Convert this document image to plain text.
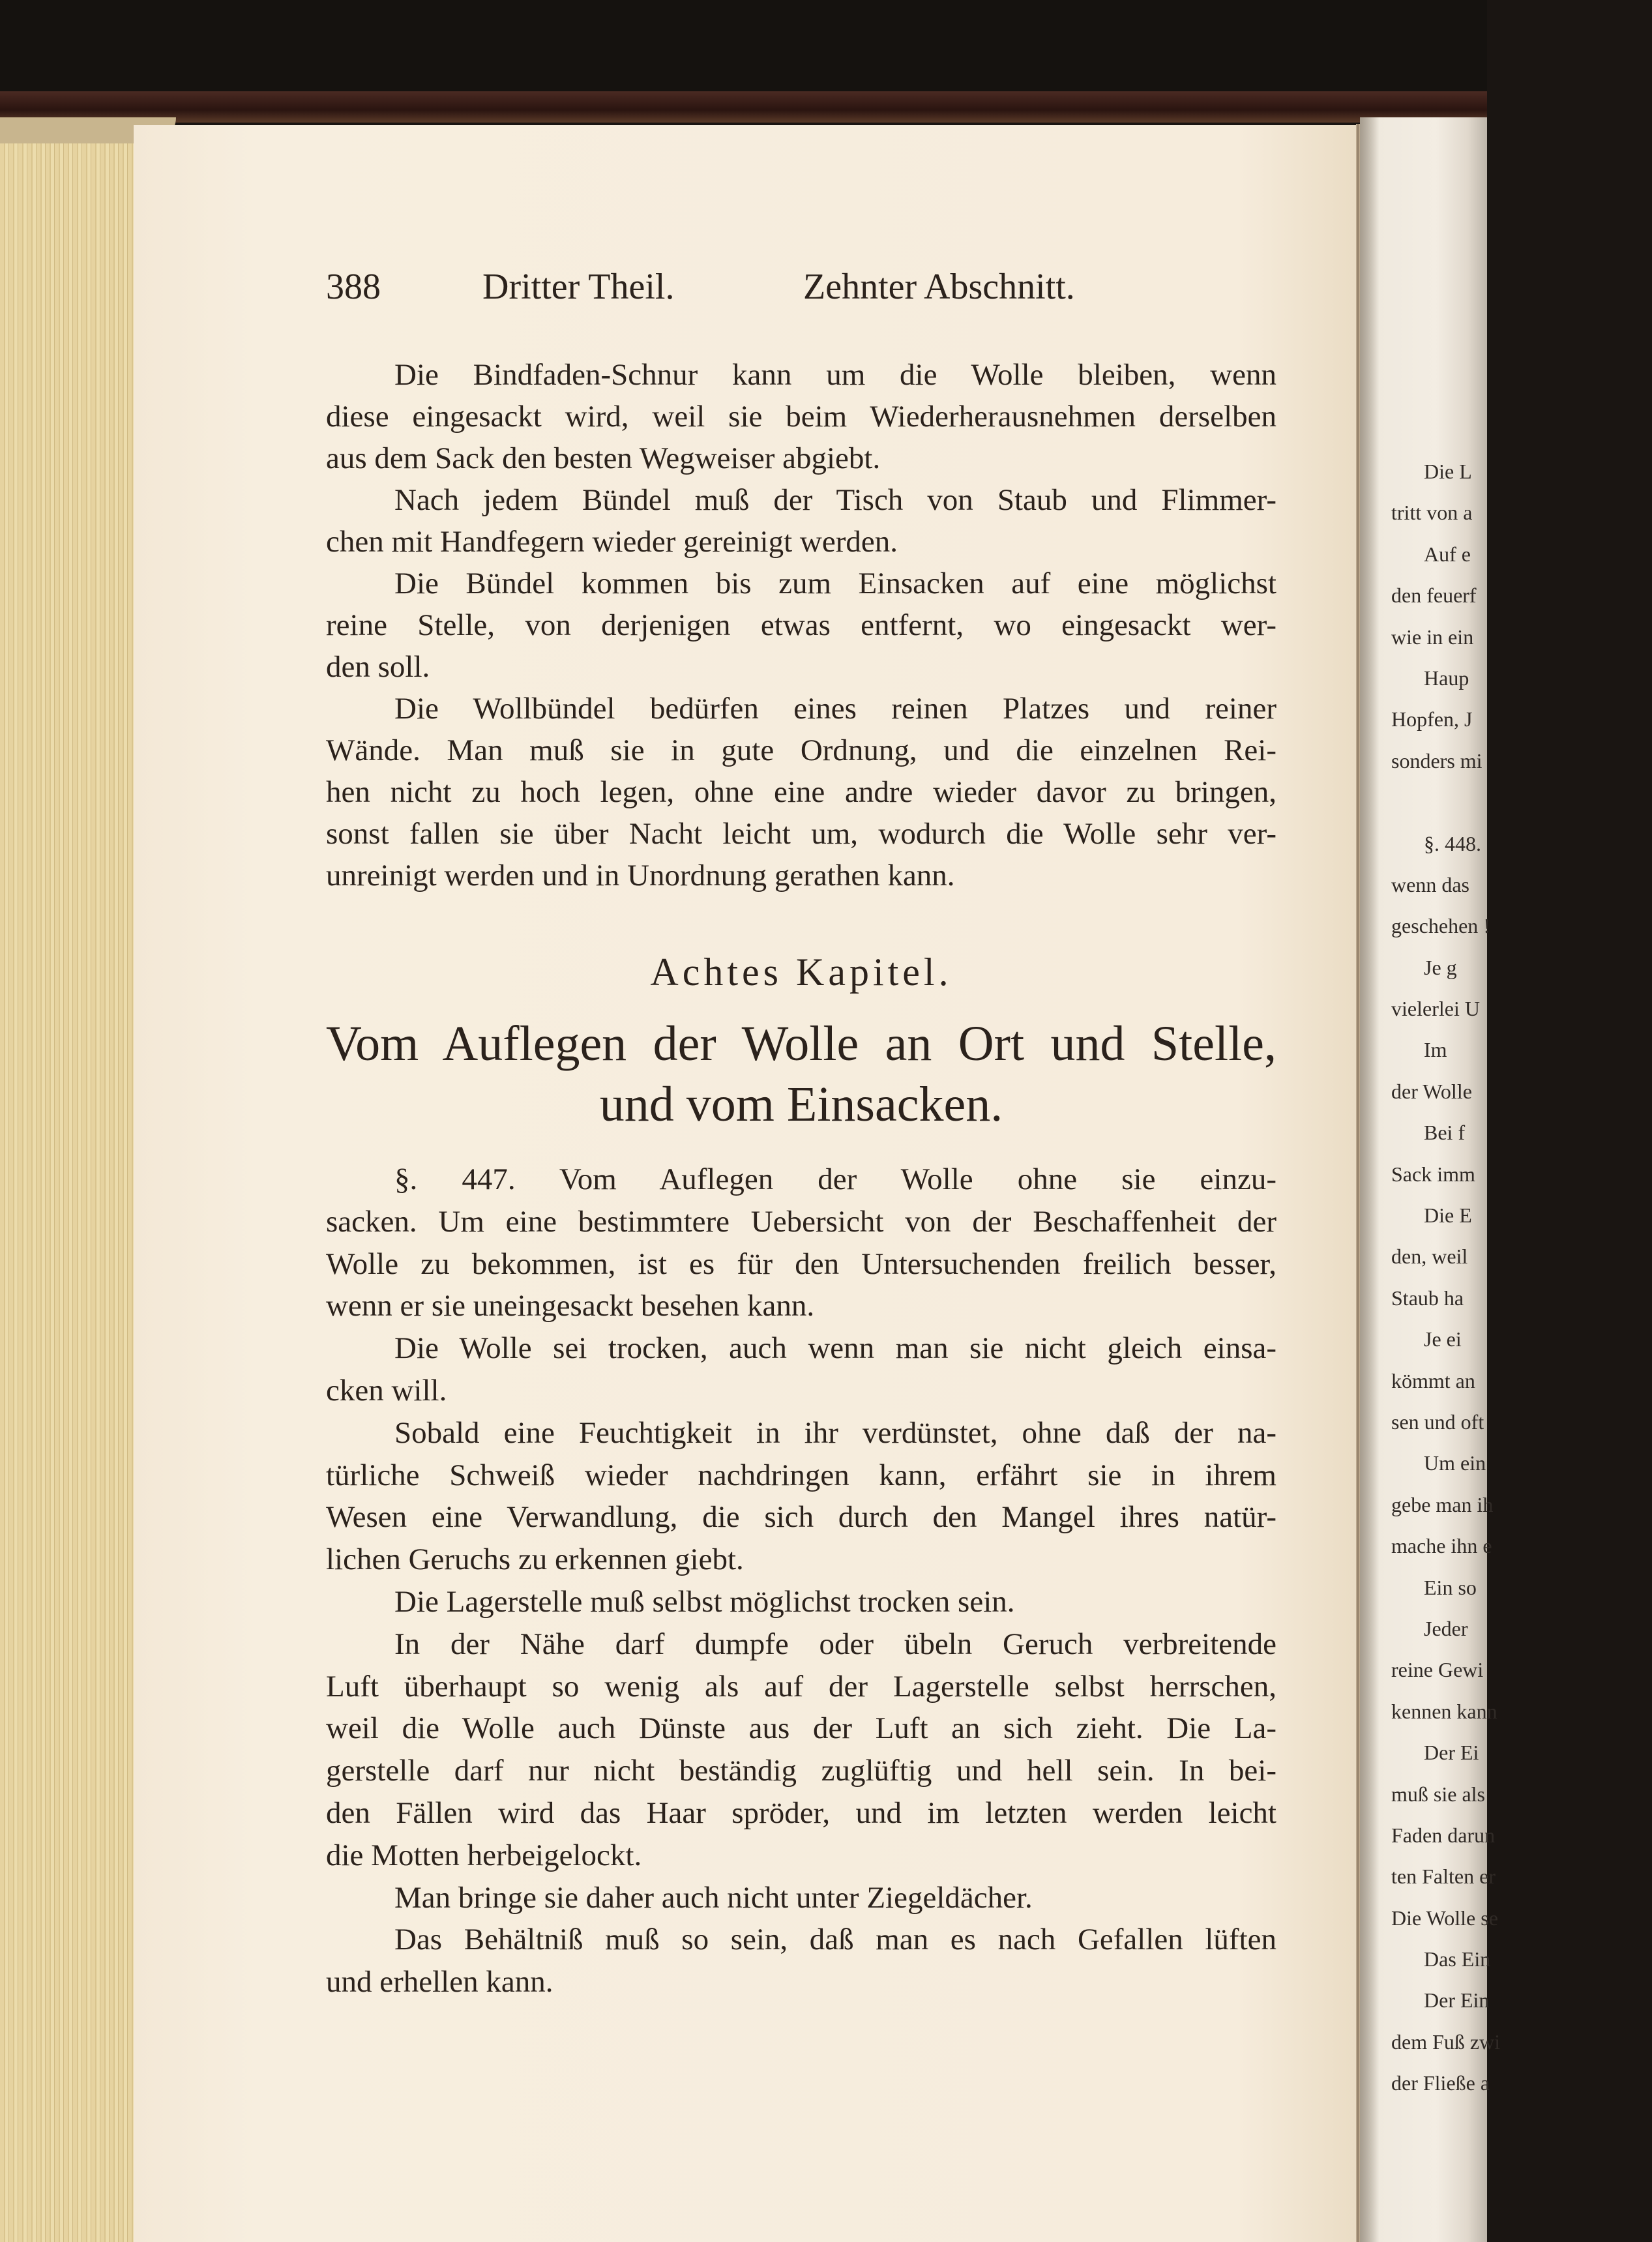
Die L
tritt von a
Auf e
den feuerf
wie in ein
Haup
Hopfen, J
sonders mi
§. 448.
wenn das
geschehen !
Je g
vielerlei U
Im
der Wolle
Bei f
Sack imm
Die E
den, weil
Staub ha
Je ei
kömmt an
sen und oft
Um ein
gebe man ih
mache ihn e
Ein so
Jeder
reine Gewi
kennen kann
Der Ei
muß sie als
Faden darun
ten Falten er
Die Wolle se
Das Ein
Der Ein
dem Fuß zwi
der Fließe a
388	Dritter Theil.	Zehnter Abschnitt.
Die Bindfaden-Schnur kann um die Wolle bleiben, wenn
diese eingesackt wird, weil sie beim Wiederherausnehmen derselben
aus dem Sack den besten Wegweiser abgiebt.
Nach jedem Bündel muß der Tisch von Staub und Flimmer-
chen mit Handfegern wieder gereinigt werden.
Die Bündel kommen bis zum Einsacken auf eine möglichst
reine Stelle, von derjenigen etwas entfernt, wo eingesackt wer-
den soll.
Die Wollbündel bedürfen eines reinen Platzes und reiner
Wände. Man muß sie in gute Ordnung, und die einzelnen Rei-
hen nicht zu hoch legen, ohne eine andre wieder davor zu bringen,
sonst fallen sie über Nacht leicht um, wodurch die Wolle sehr ver-
unreinigt werden und in Unordnung gerathen kann.
Achtes Kapitel.
Vom Auflegen der Wolle an Ort und Stelle,
und vom Einsacken.
§. 447. Vom Auflegen der Wolle ohne sie einzu-
sacken. Um eine bestimmtere Uebersicht von der Beschaffenheit der
Wolle zu bekommen, ist es für den Untersuchenden freilich besser,
wenn er sie uneingesackt besehen kann.
Die Wolle sei trocken, auch wenn man sie nicht gleich einsa-
cken will.
Sobald eine Feuchtigkeit in ihr verdünstet, ohne daß der na-
türliche Schweiß wieder nachdringen kann, erfährt sie in ihrem
Wesen eine Verwandlung, die sich durch den Mangel ihres natür-
lichen Geruchs zu erkennen giebt.
Die Lagerstelle muß selbst möglichst trocken sein.
In der Nähe darf dumpfe oder übeln Geruch verbreitende
Luft überhaupt so wenig als auf der Lagerstelle selbst herrschen,
weil die Wolle auch Dünste aus der Luft an sich zieht. Die La-
gerstelle darf nur nicht beständig zuglüftig und hell sein. In bei-
den Fällen wird das Haar spröder, und im letzten werden leicht
die Motten herbeigelockt.
Man bringe sie daher auch nicht unter Ziegeldächer.
Das Behältniß muß so sein, daß man es nach Gefallen lüften
und erhellen kann.
